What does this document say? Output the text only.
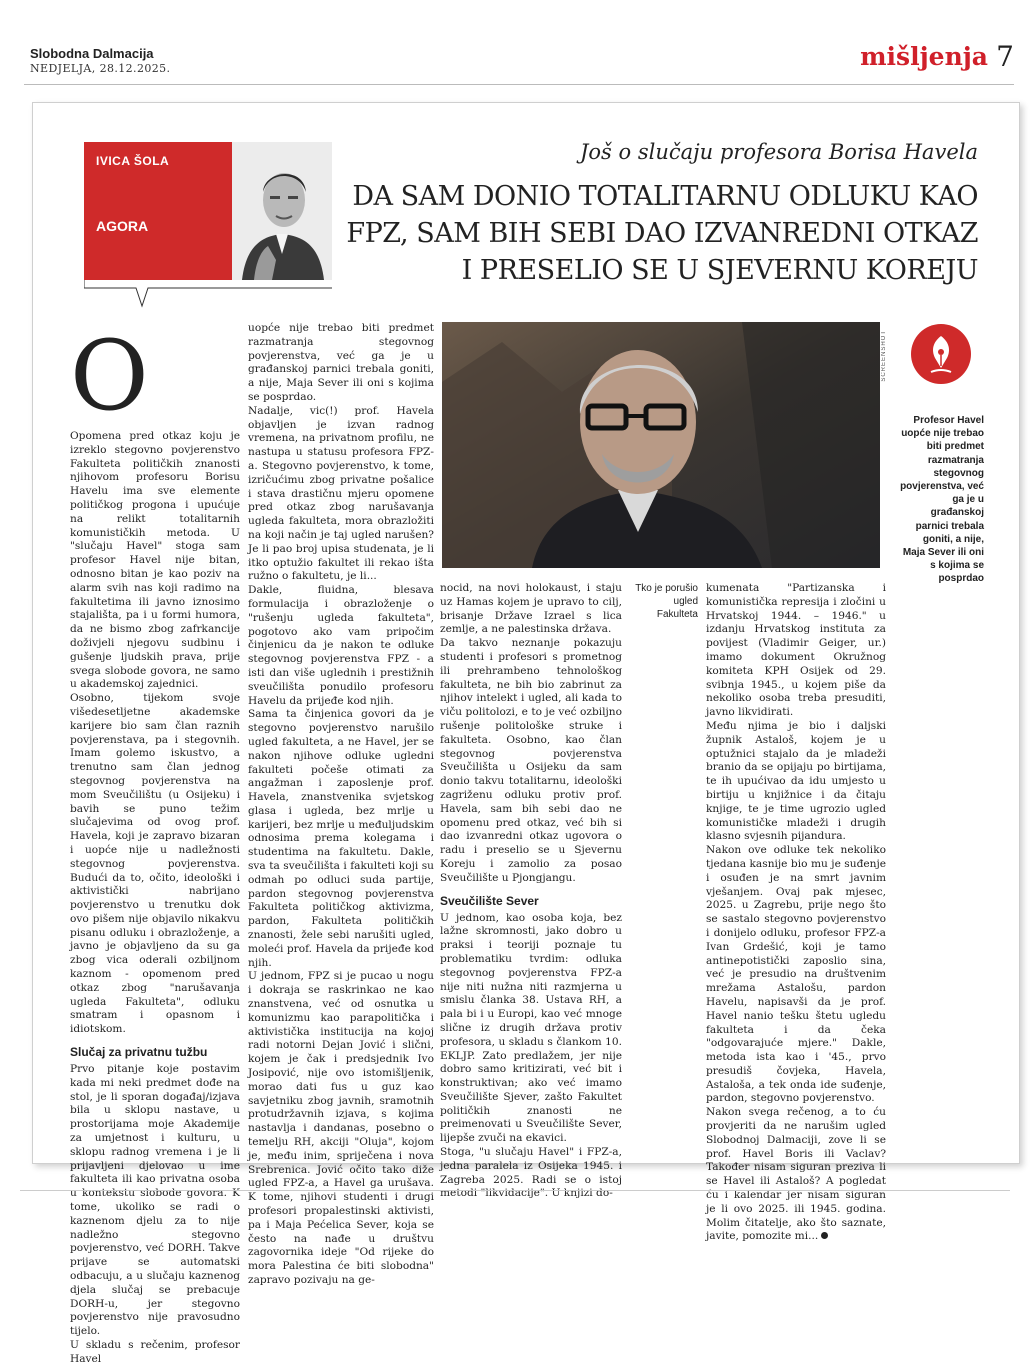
Slobodna Dalmacija
NEDJELJA, 28.12.2025.	mišljenja 7
IVICA ŠOLA
AGORA
Još o slučaju profesora Borisa Havela
DA SAM DONIO TOTALITARNU ODLUKU KAO FPZ, SAM BIH SEBI DAO IZVANREDNI OTKAZ I PRESELIO SE U SJEVERNU KOREJU
O

Opomena pred otkaz koju je izreklo stegovno povjerenstvo Fakulteta političkih znanosti njihovom profesoru Borisu Havelu ima sve elemente političkog progona i upućuje na relikt totalitarnih komunističkih metoda. U "slučaju Havel" stoga sam profesor Havel nije bitan, odnosno bitan je kao poziv na alarm svih nas koji radimo na fakultetima ili javno iznosimo stajališta, pa i u formi humora, da ne bismo zbog zafrkancije doživjeli njegovu sudbinu i gušenje ljudskih prava, prije svega slobode govora, ne samo u akademskoj zajednici.

Osobno, tijekom svoje višedesetljetne akademske karijere bio sam član raznih povjerenstava, pa i stegovnih. Imam golemo iskustvo, a trenutno sam član jednog stegovnog povjerenstva na mom Sveučilištu (u Osijeku) i bavih se puno težim slučajevima od ovog prof. Havela, koji je zapravo bizaran i uopće nije u nadležnosti stegovnog povjerenstva. Budući da to, očito, ideološki i aktivistički nabrijano povjerenstvo u trenutku dok ovo pišem nije objavilo nikakvu pisanu odluku i obrazloženje, a javno je objavljeno da su ga zbog vica oderali ozbiljnom kaznom - opomenom pred otkaz zbog "narušavanja ugleda Fakulteta", odluku smatram i opasnom i idiotskom.

Slučaj za privatnu tužbu

Prvo pitanje koje postavim kada mi neki predmet dođe na stol, je li sporan događaj/izjava bila u sklopu nastave, u prostorijama moje Akademije za umjetnost i kulturu, u sklopu radnog vremena i je li prijavljeni djelovao u ime fakulteta ili kao privatna osoba u kontekstu slobode govora. K tome, ukoliko se radi o kaznenom djelu za to nije nadležno stegovno povjerenstvo, već DORH. Takve prijave se automatski odbacuju, a u slučaju kaznenog djela slučaj se prebacuje DORH-u, jer stegovno povjerenstvo nije pravosudno tijelo.

U skladu s rečenim, profesor Havel

uopće nije trebao biti predmet razmatranja stegovnog povjerenstva, već ga je u građanskoj parnici trebala goniti, a nije, Maja Sever ili oni s kojima se posprdao.

Nadalje, vic(!) prof. Havela objavljen je izvan radnog vremena, na privatnom profilu, ne nastupa u statusu profesora FPZ-a. Stegovno povjerenstvo, k tome, izričućimu zbog privatne pošalice i stava drastičnu mjeru opomene pred otkaz zbog narušavanja ugleda fakulteta, mora obrazložiti na koji način je taj ugled narušen? Je li pao broj upisa studenata, je li itko optužio fakultet ili rekao išta ružno o fakultetu, je li...

Dakle, fluidna, blesava formulacija i obrazloženje o "rušenju ugleda fakulteta", pogotovo ako vam pripočim činjenicu da je nakon te odluke stegovnog povjerenstva FPZ - a isti dan više uglednih i prestižnih sveučilišta ponudilo profesoru Havelu da prijeđe kod njih.

Sama ta činjenica govori da je stegovno povjerenstvo narušilo ugled fakulteta, a ne Havel, jer se nakon njihove odluke ugledni fakulteti počeše otimati za angažman i zaposlenje prof. Havela, znanstvenika svjetskog glasa i ugleda, bez mrlje u karijeri, bez mrlje u međuljudskim odnosima prema kolegama i studentima na fakultetu. Dakle, sva ta sveučilišta i fakulteti koji su odmah po odluci suda partije, pardon stegovnog povjerenstva Fakulteta političkog aktivizma, pardon, Fakulteta političkih znanosti, žele sebi narušiti ugled, moleći prof. Havela da prijeđe kod njih.

U jednom, FPZ si je pucao u nogu i dokraja se raskrinkao ne kao znanstvena, već od osnutka u komunizmu kao parapolitička i aktivistička institucija na kojoj radi notorni Dejan Jović i slični, kojem je čak i predsjednik Ivo Josipović, nije ovo istomišljenik, morao dati fus u guz kao savjetniku zbog javnih, sramotnih protudržavnih izjava, s kojima nastavlja i dandanas, posebno o temelju RH, akciji "Oluja", kojom je, među inim, spriječena i nova Srebrenica. Jović očito tako diže ugled FPZ-a, a Havel ga urušava. K tome, njihovi studenti i drugi profesori propalestinski aktivisti, pa i Maja Pećelica Sever, koja se često na nađe u društvu zagovornika ideje "Od rijeke do mora Palestina će biti slobodna" zapravo pozivaju na ge-

SCREENSHOT
Profesor Havel uopće nije trebao biti predmet razmatranja stegovnog povjerenstva, već ga je u građanskoj parnici trebala goniti, a nije, Maja Sever ili oni s kojima se posprdao

nocid, na novi holokaust, i staju uz Hamas kojem je upravo to cilj, brisanje Države Izrael s lica zemlje, a ne palestinska država.

Da takvo neznanje pokazuju studenti i profesori s prometnog ili prehrambeno tehnološkog fakulteta, ne bih bio zabrinut za njihov intelekt i ugled, ali kada to viču politolozi, e to je već ozbiljno rušenje politološke struke i fakulteta. Osobno, kao član stegovnog povjerenstva Sveučilišta u Osijeku da sam donio takvu totalitarnu, ideološki zagriženu odluku protiv prof. Havela, sam bih sebi dao ne opomenu pred otkaz, već bih si dao izvanredni otkaz ugovora o radu i preselio se u Sjevernu Koreju i zamolio za posao Sveučilište u Pjongjangu.

Sveučilište Sever

U jednom, kao osoba koja, bez lažne skromnosti, jako dobro u praksi i teoriji poznaje tu problematiku tvrdim: odluka stegovnog povjerenstva FPZ-a nije niti nužna niti razmjerna u smislu članka 38. Ustava RH, a pala bi i u Europi, kao već mnoge slične iz drugih država protiv profesora, u skladu s člankom 10. EKLJP. Zato predlažem, jer nije dobro samo kritizirati, već bit i konstruktivan; ako već imamo Sveučilište Sjever, zašto Fakultet političkih znanosti ne preimenovati u Sveučilište Sever, lijepše zvuči na ekavici.

Stoga, "u slučaju Havel" i FPZ-a, jedna paralela iz Osijeka 1945. i Zagreba 2025. Radi se o istoj metodi "likvidacije". U knjizi do-

Tko je porušio ugled Fakulteta

kumenata "Partizanska i komunistička represija i zločini u Hrvatskoj 1944. – 1946." u izdanju Hrvatskog instituta za povijest (Vladimir Geiger, ur.) imamo dokument Okružnog komiteta KPH Osijek od 29. svibnja 1945., u kojem piše da nekoliko osoba treba presuditi, javno likvidirati.

Među njima je bio i daljski župnik Astaloš, kojem je u optužnici stajalo da je mladeži branio da se opijaju po birtijama, te ih upućivao da idu umjesto u birtiju u knjižnice i da čitaju knjige, te je time ugrozio ugled komunističke mladeži i drugih klasno svjesnih pijandura.

Nakon ove odluke tek nekoliko tjedana kasnije bio mu je suđenje i osuđen je na smrt javnim vješanjem. Ovaj pak mjesec, 2025. u Zagrebu, prije nego što se sastalo stegovno povjerenstvo i donijelo odluku, profesor FPZ-a Ivan Grdešić, koji je tamo antinepotistički zaposlio sina, već je presudio na društvenim mrežama Astalošu, pardon Havelu, napisavši da je prof. Havel nanio tešku štetu ugledu fakulteta i da čeka "odgovarajuće mjere." Dakle, metoda ista kao i '45., prvo presudiš čovjeka, Havela, Astaloša, a tek onda ide suđenje, pardon, stegovno povjerenstvo.

Nakon svega rečenog, a to ću provjeriti da ne narušim ugled Slobodnoj Dalmaciji, zove li se prof. Havel Boris ili Vaclav? Također nisam siguran preziva li se Havel ili Astaloš? A pogledat ću i kalendar jer nisam siguran je li ovo 2025. ili 1945. godina. Molim čitatelje, ako što saznate, javite, pomozite mi...
